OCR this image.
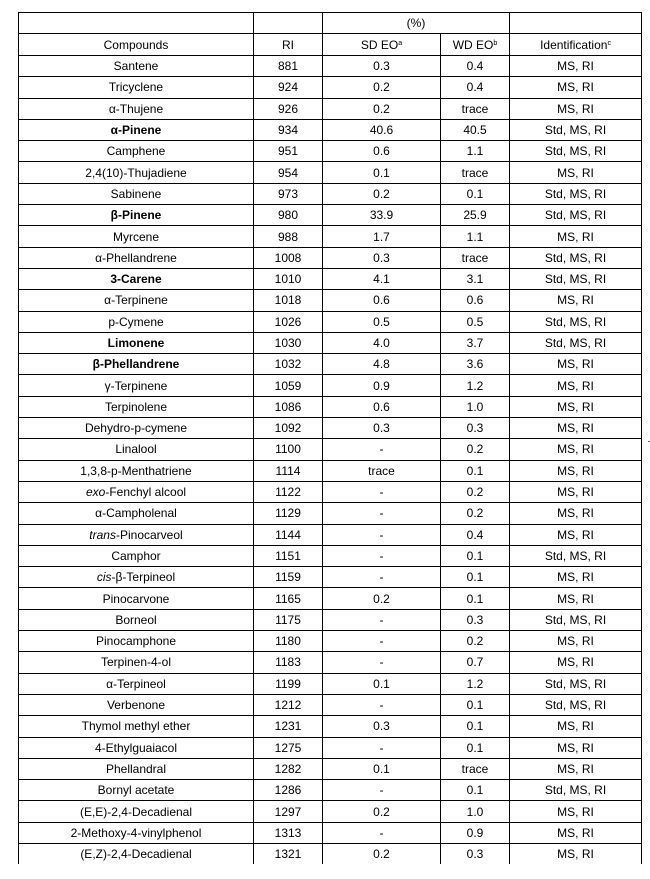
		(%)		
Compounds	RI	SD $EO^a$	WD $EO^b$	Identification$^c$
Santene	881	0.3	0.4	MS, RI
Tricyclene	924	0.2	0.4	MS, RI
α-Thujene	926	0.2	trace	MS, RI
α-Pinene	934	40.6	40.5	Std, MS, RI
Camphene	951	0.6	1.1	Std, MS, RI
2,4(10)-Thujadiene	954	0.1	trace	MS, RI
Sabinene	973	0.2	0.1	Std, MS, RI
β-Pinene	980	33.9	25.9	Std, MS, RI
Myrcene	988	1.7	1.1	MS, RI
α-Phellandrene	1008	0.3	trace	Std, MS, RI
3-Carene	1010	4.1	3.1	Std, MS, RI
α-Terpinene	1018	0.6	0.6	MS, RI
p-Cymene	1026	0.5	0.5	Std, MS, RI
Limonene	1030	4.0	3.7	Std, MS, RI
β-Phellandrene	1032	4.8	3.6	MS, RI
γ-Terpinene	1059	0.9	1.2	MS, RI
Terpinolene	1086	0.6	1.0	MS, RI
Dehydro-p-cymene	1092	0.3	0.3	MS, RI
Linalool	1100	-	0.2	MS, RI
1,3,8-p-Menthatriene	1114	trace	0.1	MS, RI
exo-Fenchyl alcool	1122	-	0.2	MS, RI
α-Campholenal	1129	-	0.2	MS, RI
trans-Pinocarveol	1144	-	0.4	MS, RI
Camphor	1151	-	0.1	Std, MS, RI
cis-β-Terpineol	1159	-	0.1	MS, RI
Pinocarvone	1165	0.2	0.1	MS, RI
Borneol	1175	-	0.3	Std, MS, RI
Pinocamphone	1180	-	0.2	MS, RI
Terpinen-4-ol	1183	-	0.7	MS, RI
α-Terpineol	1199	0.1	1.2	Std, MS, RI
Verbenone	1212	-	0.1	Std, MS, RI
Thymol methyl ether	1231	0.3	0.1	MS, RI
4-Ethylguaiacol	1275	-	0.1	MS, RI
Phellandral	1282	0.1	trace	MS, RI
Bornyl acetate	1286	-	0.1	Std, MS, RI
(E,E)-2,4-Decadienal	1297	0.2	1.0	MS, RI
2-Methoxy-4-vinylphenol	1313	-	0.9	MS, RI
(E,Z)-2,4-Decadienal	1321	0.2	0.3	MS, RI
